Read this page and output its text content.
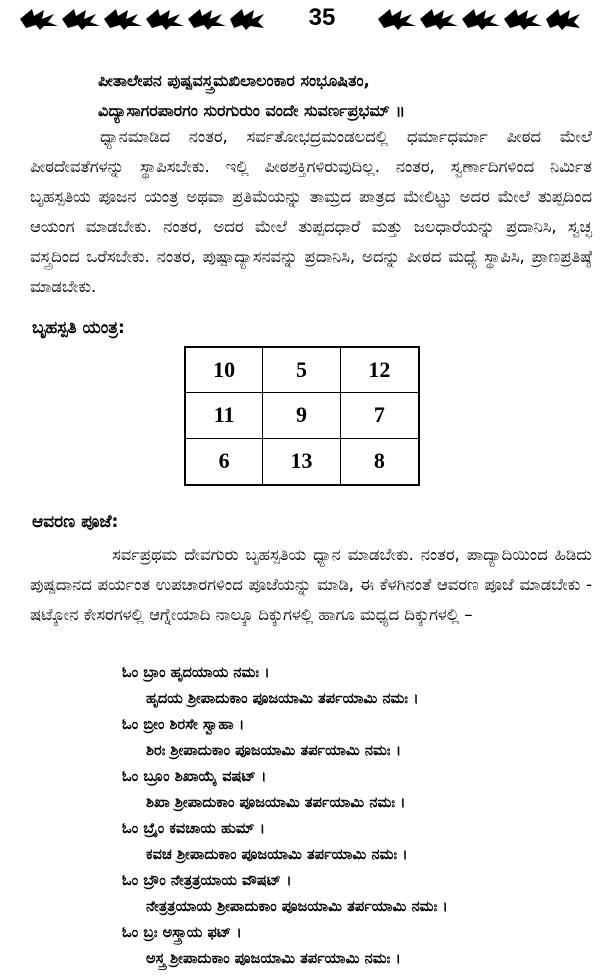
35
ಪೀತಾಲೇಪನ ಪುಷ್ಪವಸ್ತ್ರಮಖಿಲಾಲಂಕಾರ ಸಂಭೂಷಿತಂ,
ವಿದ್ಯಾಸಾಗರಪಾರಗಂ ಸುರಗುರುಂ ವಂದೇ ಸುವರ್ಣಪ್ರಭಮ್ ॥
ಧ್ಯಾನಮಾಡಿದ ನಂತರ, ಸರ್ವತೋಭದ್ರಮಂಡಲದಲ್ಲಿ ಧರ್ಮಾಧರ್ಮಾ ಪೀಠದ ಮೇಲೆ ಪೀಠದೇವತೆಗಳನ್ನು ಸ್ಥಾಪಿಸಬೇಕು. ಇಲ್ಲಿ ಪೀಠಶಕ್ತಿಗಳಿರುವುದಿಲ್ಲ. ನಂತರ, ಸ್ವರ್ಣಾದಿಗಳಿಂದ ನಿರ್ಮಿತ ಬೃಹಸ್ಪತಿಯ ಪೂಜನ ಯಂತ್ರ ಅಥವಾ ಪ್ರತಿಮೆಯನ್ನು ತಾಮ್ರದ ಪಾತ್ರದ ಮೇಲಿಟ್ಟು ಅದರ ಮೇಲೆ ತುಪ್ಪದಿಂದ ಆಯಂಗ ಮಾಡಬೇಕು. ನಂತರ, ಅದರ ಮೇಲೆ ತುಪ್ಪದಧಾರೆ ಮತ್ತು ಜಲಧಾರೆಯನ್ನು ಪ್ರದಾನಿಸಿ, ಸ್ವಚ್ಛ ವಸ್ತ್ರದಿಂದ ಒರೆಸಬೇಕು. ನಂತರ, ಪುಷ್ಪಾದ್ಯಾಸನವನ್ನು ಪ್ರದಾನಿಸಿ, ಅದನ್ನು ಪೀಠದ ಮಧ್ಯೆ ಸ್ಥಾಪಿಸಿ, ಪ್ರಾಣಪ್ರತಿಷ್ಠೆ ಮಾಡಬೇಕು.
ಬೃಹಸ್ಪತಿ ಯಂತ್ರ:
10	5	12
11	9	7
6	13	8
ಆವರಣ ಪೂಜೆ:
ಸರ್ವಪ್ರಥಮ ದೇವಗುರು ಬೃಹಸ್ಪತಿಯ ಧ್ಯಾನ ಮಾಡಬೇಕು. ನಂತರ, ಪಾದ್ಯಾದಿಯಿಂದ ಹಿಡಿದು ಪುಷ್ಪದಾನದ ಪರ್ಯಂತ ಉಪಚಾರಗಳಿಂದ ಪೂಜೆಯನ್ನು ಮಾಡಿ, ಈ ಕೆಳಗಿನಂತೆ ಆವರಣ ಪೂಜೆ ಮಾಡಬೇಕು - ಷಟ್ಕೋನ ಕೇಸರಗಳಲ್ಲಿ ಆಗ್ನೇಯಾದಿ ನಾಲ್ಕೂ ದಿಕ್ಕುಗಳಲ್ಲಿ ಹಾಗೂ ಮಧ್ಯದ ದಿಕ್ಕುಗಳಲ್ಲಿ –
ಓಂ ಬ್ರಾಂ ಹೃದಯಾಯ ನಮಃ ।
ಹೃದಯ ಶ್ರೀಪಾದುಕಾಂ ಪೂಜಯಾಮಿ ತರ್ಪಯಾಮಿ ನಮಃ ।
ಓಂ ಬ್ರೀಂ ಶಿರಸೇ ಸ್ವಾಹಾ ।
ಶಿರಃ ಶ್ರೀಪಾದುಕಾಂ ಪೂಜಯಾಮಿ ತರ್ಪಯಾಮಿ ನಮಃ ।
ಓಂ ಬ್ರೂಂ ಶಿಖಾಯೈ ವಷಟ್ ।
ಶಿಖಾ ಶ್ರೀಪಾದುಕಾಂ ಪೂಜಯಾಮಿ ತರ್ಪಯಾಮಿ ನಮಃ ।
ಓಂ ಬ್ರೈಂ ಕವಚಾಯ ಹುಮ್ ।
ಕವಚ ಶ್ರೀಪಾದುಕಾಂ ಪೂಜಯಾಮಿ ತರ್ಪಯಾಮಿ ನಮಃ ।
ಓಂ ಬ್ರೌಂ ನೇತ್ರತ್ರಯಾಯ ವೌಷಟ್ ।
ನೇತ್ರತ್ರಯಾಯ ಶ್ರೀಪಾದುಕಾಂ ಪೂಜಯಾಮಿ ತರ್ಪಯಾಮಿ ನಮಃ ।
ಓಂ ಬ್ರಃ ಅಸ್ತ್ರಾಯ ಫಟ್ ।
ಅಸ್ತ್ರ ಶ್ರೀಪಾದುಕಾಂ ಪೂಜಯಾಮಿ ತರ್ಪಯಾಮಿ ನಮಃ ।
